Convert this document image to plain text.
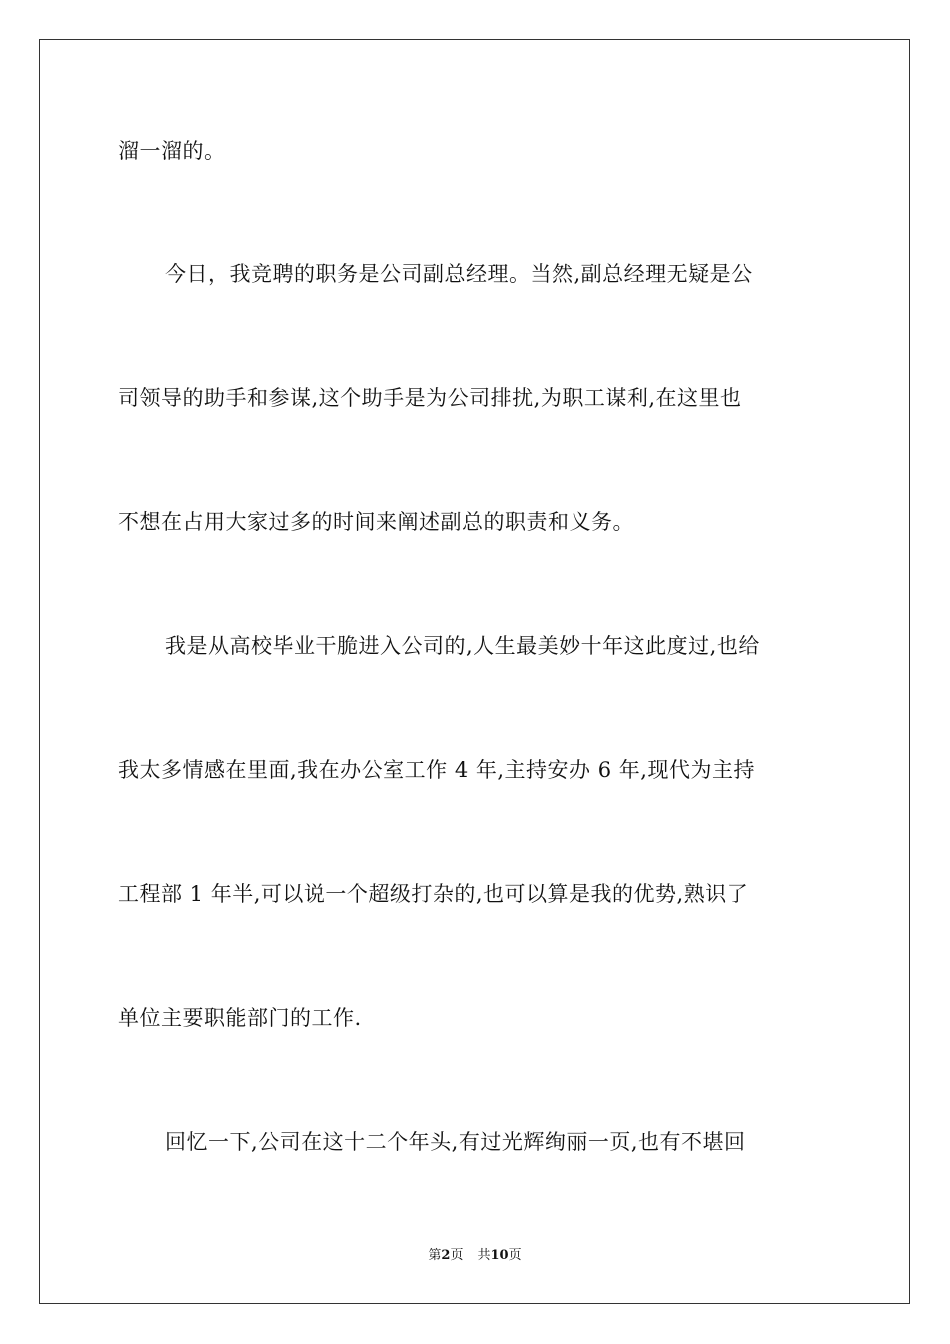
溜一溜的。
今日，我竞聘的职务是公司副总经理。当然,副总经理无疑是公
司领导的助手和参谋,这个助手是为公司排扰,为职工谋利,在这里也
不想在占用大家过多的时间来阐述副总的职责和义务。
我是从高校毕业干脆进入公司的,人生最美妙十年这此度过,也给
我太多情感在里面,我在办公室工作 4 年,主持安办 6 年,现代为主持
工程部 1 年半,可以说一个超级打杂的,也可以算是我的优势,熟识了
单位主要职能部门的工作.
回忆一下,公司在这十二个年头,有过光辉绚丽一页,也有不堪回
第2页 共10页
